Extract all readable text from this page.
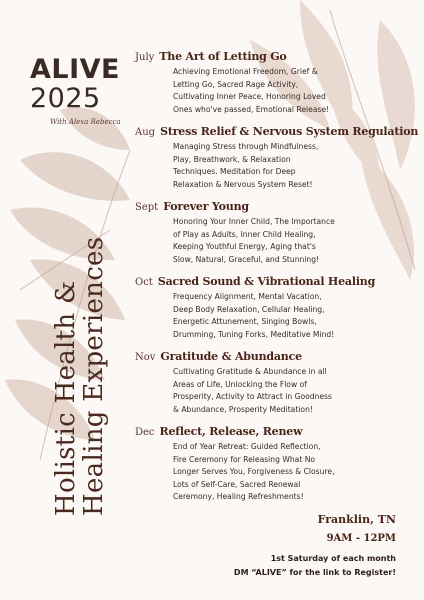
ALIVE
2025
With Alexa Rebecca
Holistic Health &
Healing Experiences
July The Art of Letting Go
Achieving Emotional Freedom, Grief &
Letting Go, Sacred Rage Activity,
Cultivating Inner Peace, Honoring Loved
Ones who've passed, Emotional Release!
Aug Stress Relief & Nervous System Regulation
Managing Stress through Mindfulness,
Play, Breathwork, & Relaxation
Techniques. Meditation for Deep
Relaxation & Nervous System Reset!
Sept Forever Young
Honoring Your Inner Child, The Importance
of Play as Adults, Inner Child Healing,
Keeping Youthful Energy, Aging that's
Slow, Natural, Graceful, and Stunning!
Oct Sacred Sound & Vibrational Healing
Frequency Alignment, Mental Vacation,
Deep Body Relaxation, Cellular Healing,
Energetic Attunement, Singing Bowls,
Drumming, Tuning Forks, Meditative Mind!
Nov Gratitude & Abundance
Cultivating Gratitude & Abundance in all
Areas of Life, Unlocking the Flow of
Prosperity, Activity to Attract in Goodness
& Abundance, Prosperity Meditation!
Dec Reflect, Release, Renew
End of Year Retreat: Guided Reflection,
Fire Ceremony for Releasing What No
Longer Serves You, Forgiveness & Closure,
Lots of Self-Care, Sacred Renewal
Ceremony, Healing Refreshments!
Franklin, TN
9AM - 12PM
1st Saturday of each month
DM “ALIVE” for the link to Register!
